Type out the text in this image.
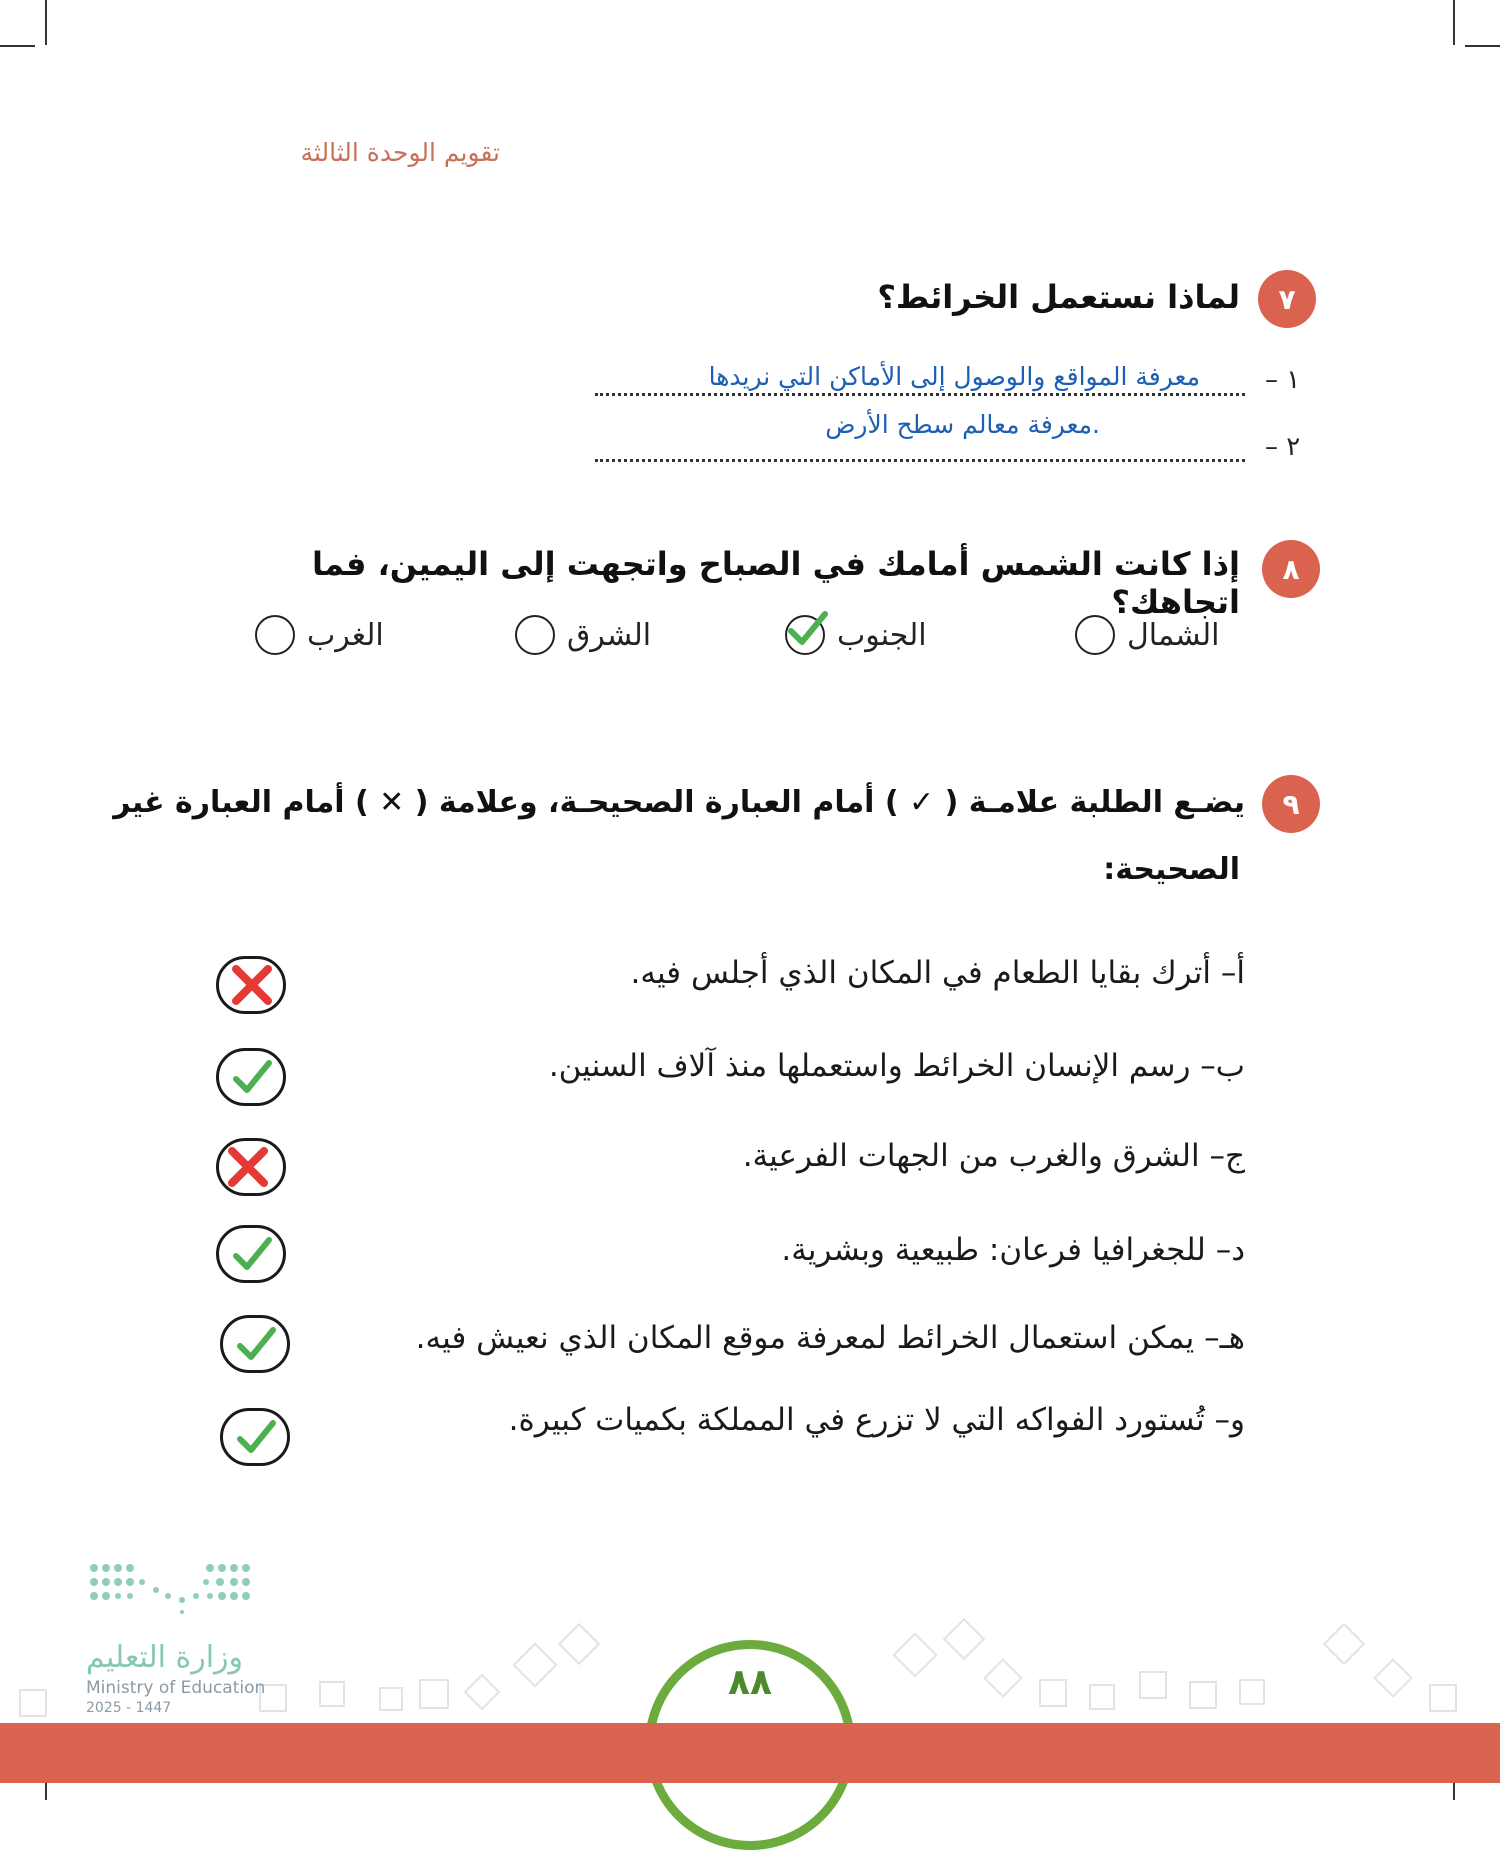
تقويم الوحدة الثالثة
٧
لماذا نستعمل الخرائط؟
١ –
معرفة المواقع والوصول إلى الأماكن التي نريدها
٢ –
.معرفة معالم سطح الأرض
٨
إذا كانت الشمس أمامك في الصباح واتجهت إلى اليمين، فما اتجاهك؟
الشمال
الجنوب
الشرق
الغرب
٩
يضـع الطلبة علامـة ( ✓ ) أمام العبارة الصحيحـة، وعلامة ( ✕ ) أمام العبارة غير
الصحيحة:
أ– أترك بقايا الطعام في المكان الذي أجلس فيه.
ب– رسم الإنسان الخرائط واستعملها منذ آلاف السنين.
ج– الشرق والغرب من الجهات الفرعية.
د– للجغرافيا فرعان: طبيعية وبشرية.
هـ– يمكن استعمال الخرائط لمعرفة موقع المكان الذي نعيش فيه.
و– تُستورد الفواكه التي لا تزرع في المملكة بكميات كبيرة.
وزارة التعليم
Ministry of Education
2025 - 1447
٨٨
